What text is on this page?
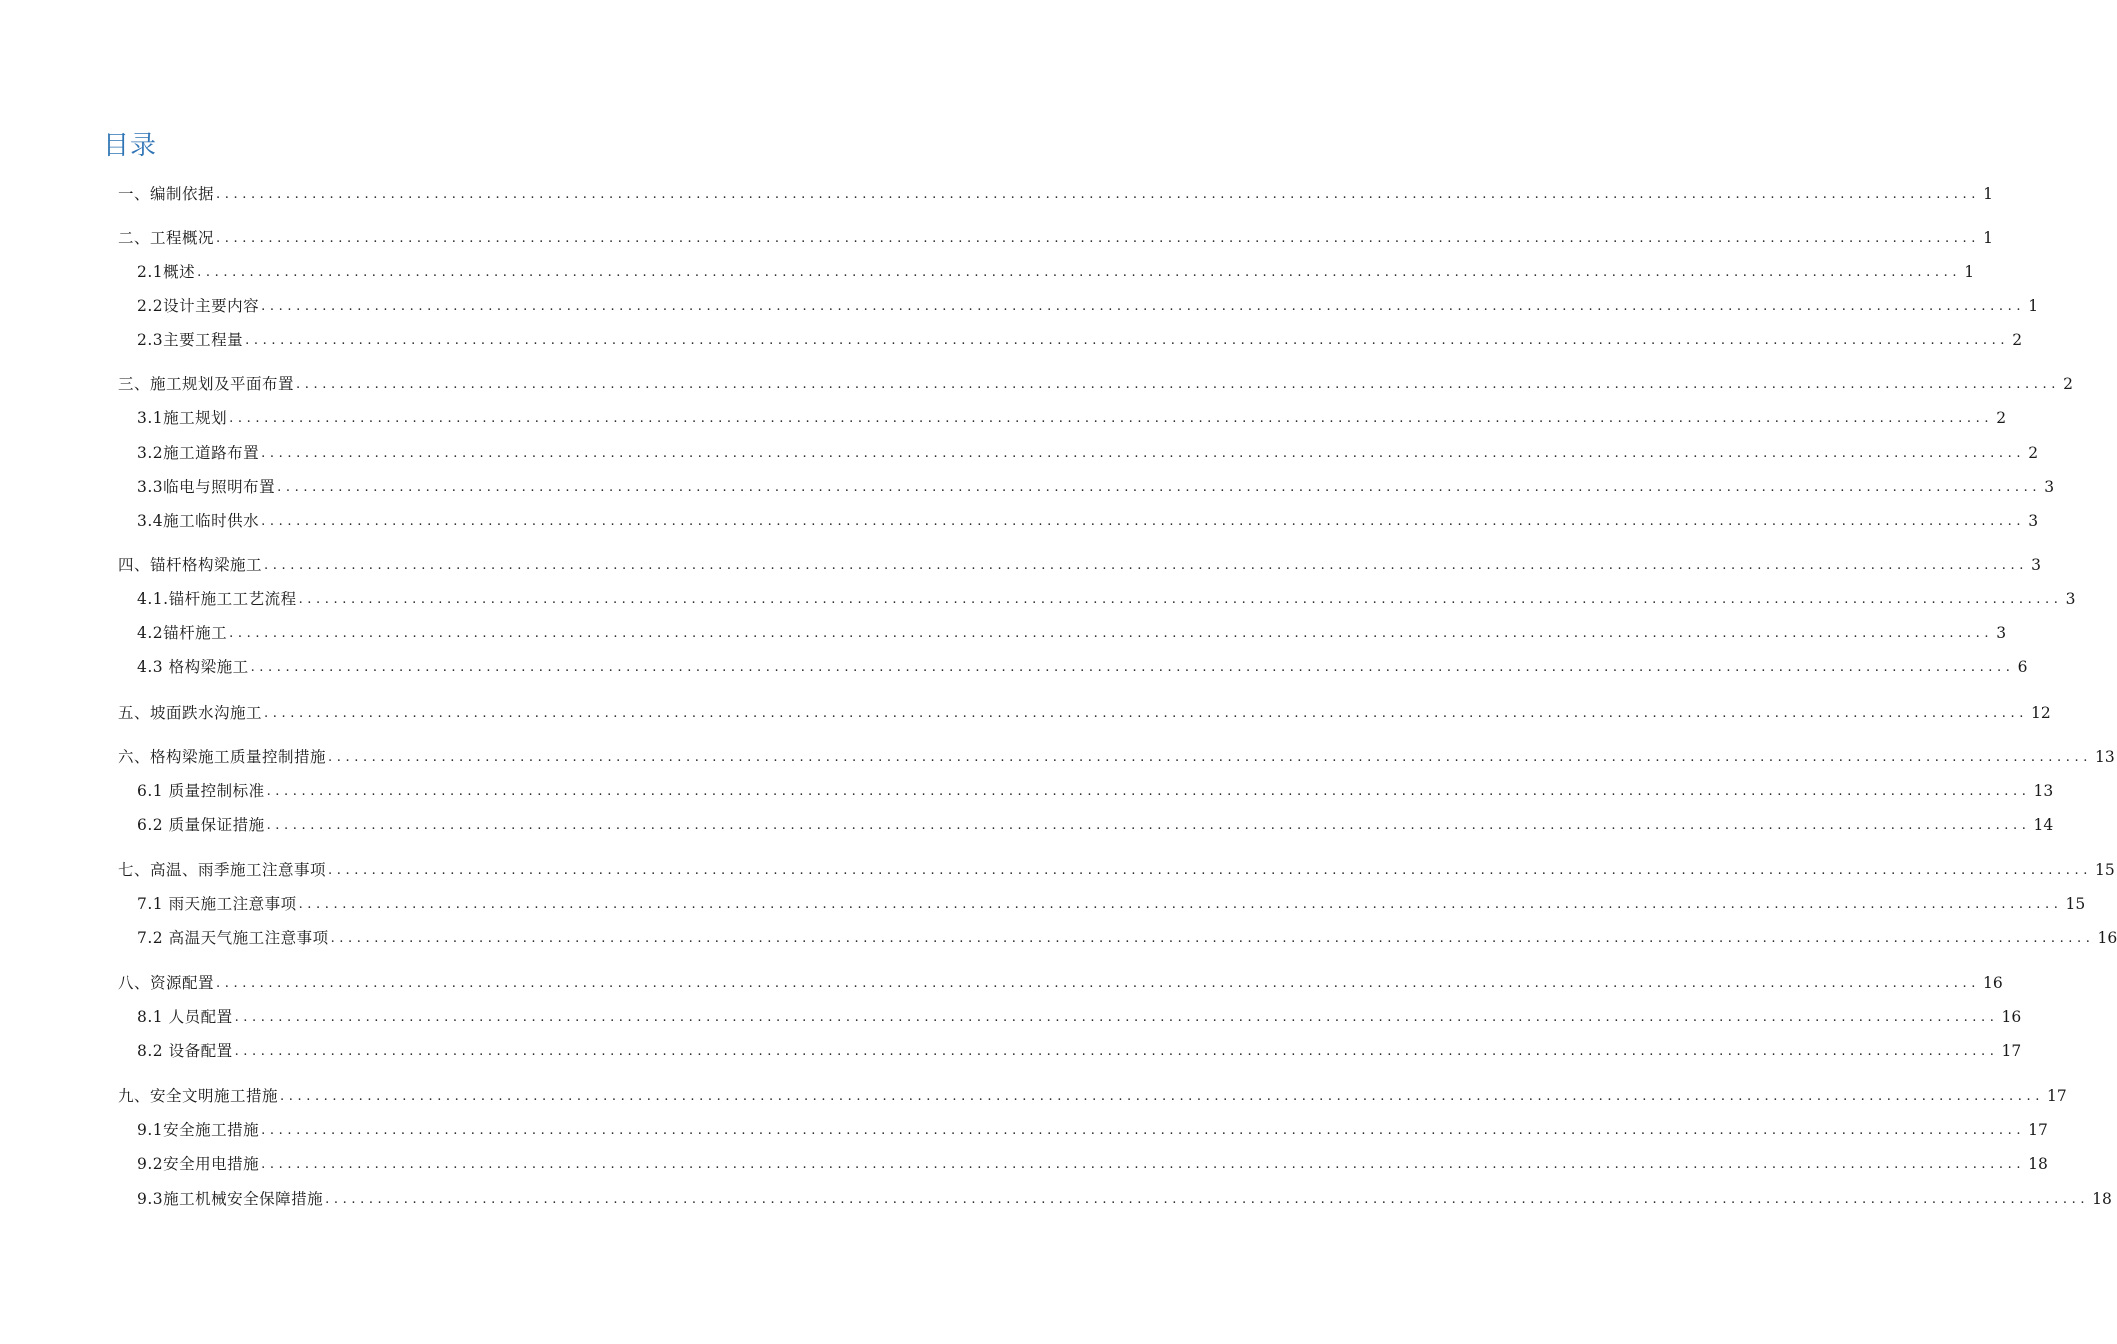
目录
一、编制依据 .......................................................................................................................................................................................................... 1
二、工程概况 .......................................................................................................................................................................................................... 1
2.1概述 .......................................................................................................................................................................................................... 1
2.2设计主要内容 .......................................................................................................................................................................................................... 1
2.3主要工程量 .......................................................................................................................................................................................................... 2
三、施工规划及平面布置 .......................................................................................................................................................................................................... 2
3.1施工规划 .......................................................................................................................................................................................................... 2
3.2施工道路布置 .......................................................................................................................................................................................................... 2
3.3临电与照明布置 .......................................................................................................................................................................................................... 3
3.4施工临时供水 .......................................................................................................................................................................................................... 3
四、锚杆格构梁施工 .......................................................................................................................................................................................................... 3
4.1.锚杆施工工艺流程 .......................................................................................................................................................................................................... 3
4.2锚杆施工 .......................................................................................................................................................................................................... 3
4.3 格构梁施工 .......................................................................................................................................................................................................... 6
五、坡面跌水沟施工 .......................................................................................................................................................................................................... 12
六、格构梁施工质量控制措施 .......................................................................................................................................................................................................... 13
6.1 质量控制标准 .......................................................................................................................................................................................................... 13
6.2 质量保证措施 .......................................................................................................................................................................................................... 14
七、高温、雨季施工注意事项 .......................................................................................................................................................................................................... 15
7.1 雨天施工注意事项 .......................................................................................................................................................................................................... 15
7.2 高温天气施工注意事项 .......................................................................................................................................................................................................... 16
八、资源配置 .......................................................................................................................................................................................................... 16
8.1 人员配置 .......................................................................................................................................................................................................... 16
8.2 设备配置 .......................................................................................................................................................................................................... 17
九、安全文明施工措施 .......................................................................................................................................................................................................... 17
9.1安全施工措施 .......................................................................................................................................................................................................... 17
9.2安全用电措施 .......................................................................................................................................................................................................... 18
9.3施工机械安全保障措施 .......................................................................................................................................................................................................... 18
